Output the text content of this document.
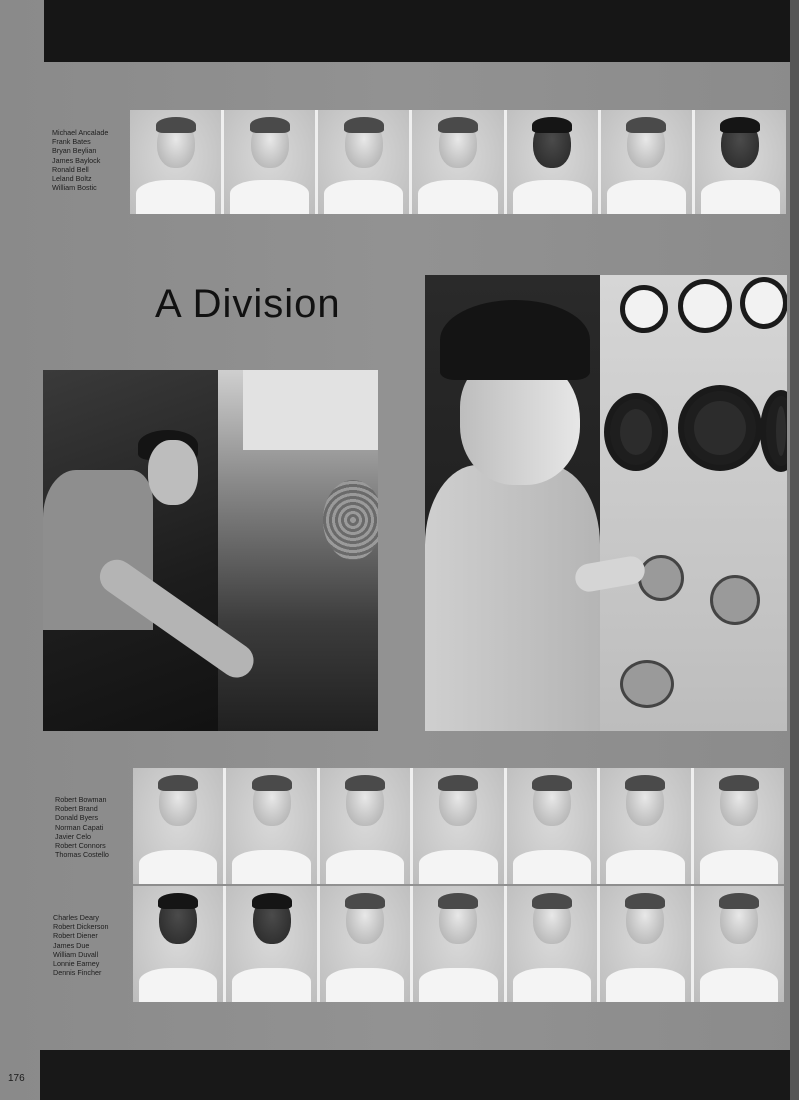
Michael Ancalade
Frank Bates
Bryan Beylian
James Baylock
Ronald Bell
Leland Boltz
William Bostic
A Division
Robert Bowman
Robert Brand
Donald Byers
Norman Capati
Javier Celo
Robert Connors
Thomas Costello
Charles Deary
Robert Dickerson
Robert Diener
James Due
William Duvall
Lonnie Earney
Dennis Fincher
176
